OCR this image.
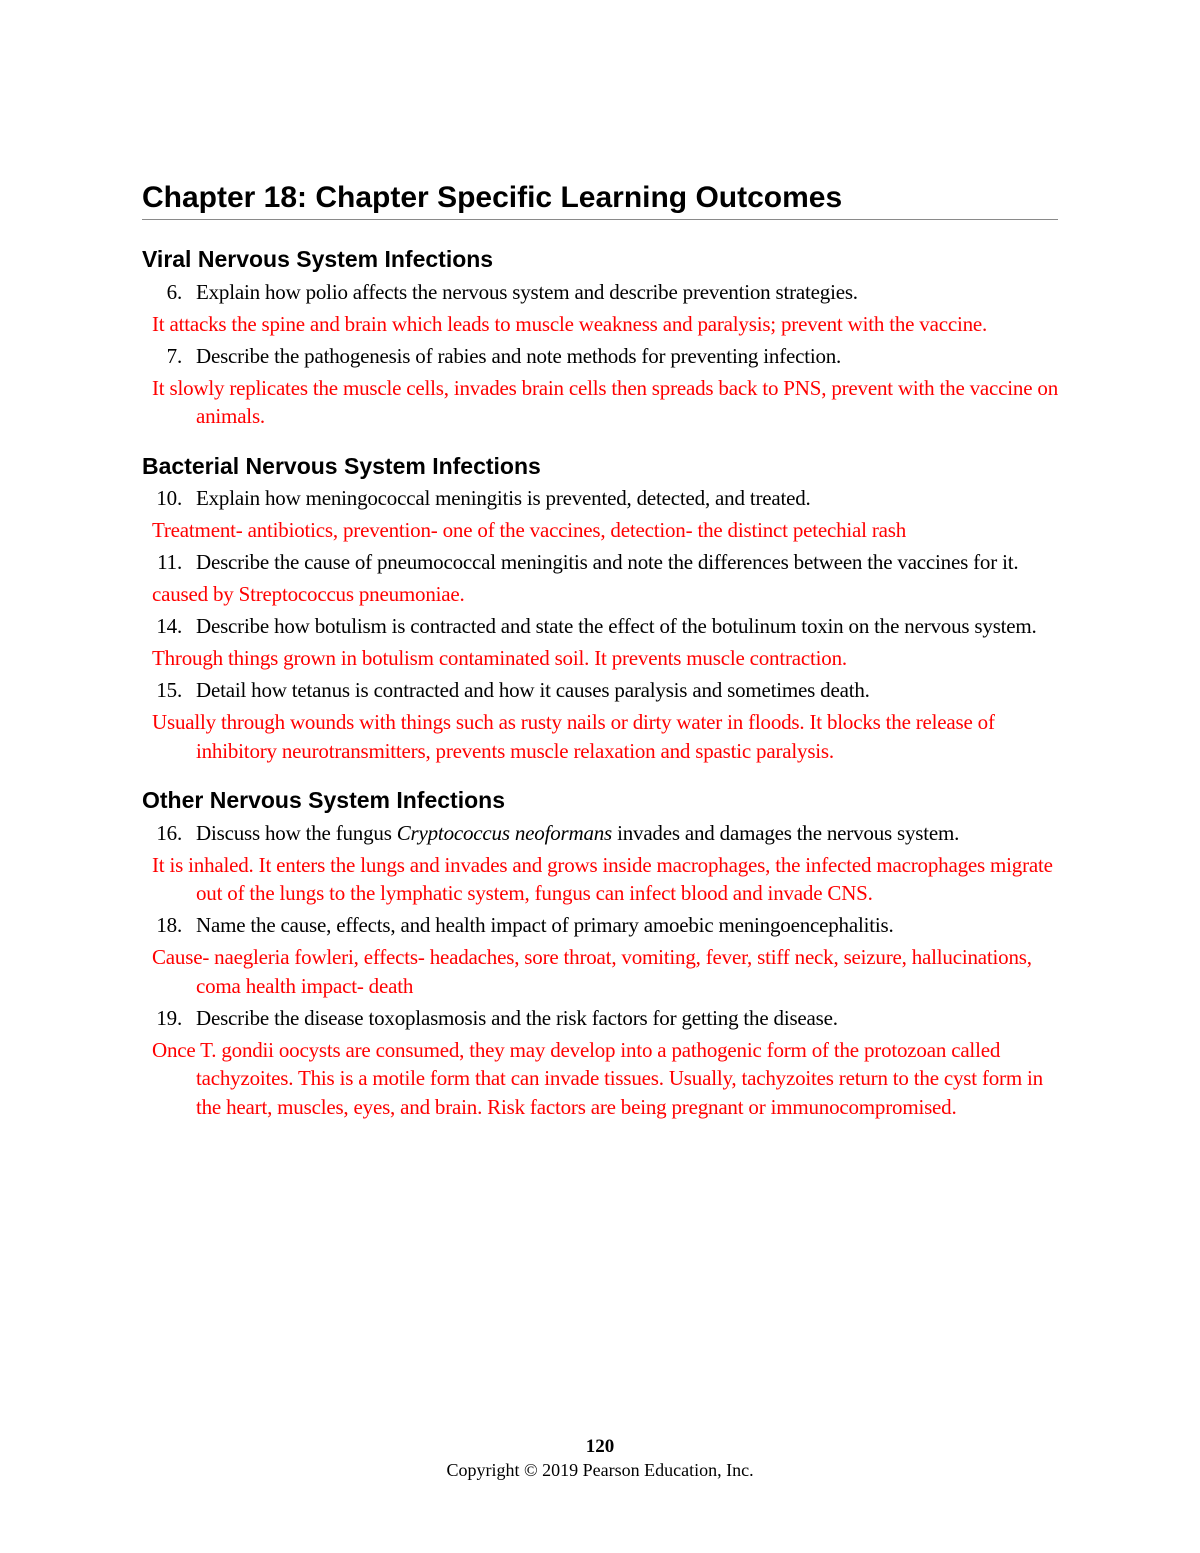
Chapter 18: Chapter Specific Learning Outcomes
Viral Nervous System Infections

6. Explain how polio affects the nervous system and describe prevention strategies.

It attacks the spine and brain which leads to muscle weakness and paralysis; prevent with the vaccine.

7. Describe the pathogenesis of rabies and note methods for preventing infection.

It slowly replicates the muscle cells, invades brain cells then spreads back to PNS, prevent with the vaccine on animals.

Bacterial Nervous System Infections

10. Explain how meningococcal meningitis is prevented, detected, and treated.

Treatment- antibiotics, prevention- one of the vaccines, detection- the distinct petechial rash

11. Describe the cause of pneumococcal meningitis and note the differences between the vaccines for it.

caused by Streptococcus pneumoniae.

14. Describe how botulism is contracted and state the effect of the botulinum toxin on the nervous system.

Through things grown in botulism contaminated soil. It prevents muscle contraction.

15. Detail how tetanus is contracted and how it causes paralysis and sometimes death.

Usually through wounds with things such as rusty nails or dirty water in floods. It blocks the release of inhibitory neurotransmitters, prevents muscle relaxation and spastic paralysis.

Other Nervous System Infections

16. Discuss how the fungus Cryptococcus neoformans invades and damages the nervous system.

It is inhaled. It enters the lungs and invades and grows inside macrophages, the infected macrophages migrate out of the lungs to the lymphatic system, fungus can infect blood and invade CNS.

18. Name the cause, effects, and health impact of primary amoebic meningoencephalitis.

Cause- naegleria fowleri, effects- headaches, sore throat, vomiting, fever, stiff neck, seizure, hallucinations, coma health impact- death

19. Describe the disease toxoplasmosis and the risk factors for getting the disease.

Once T. gondii oocysts are consumed, they may develop into a pathogenic form of the protozoan called tachyzoites. This is a motile form that can invade tissues. Usually, tachyzoites return to the cyst form in the heart, muscles, eyes, and brain. Risk factors are being pregnant or immunocompromised.

120
Copyright © 2019 Pearson Education, Inc.
